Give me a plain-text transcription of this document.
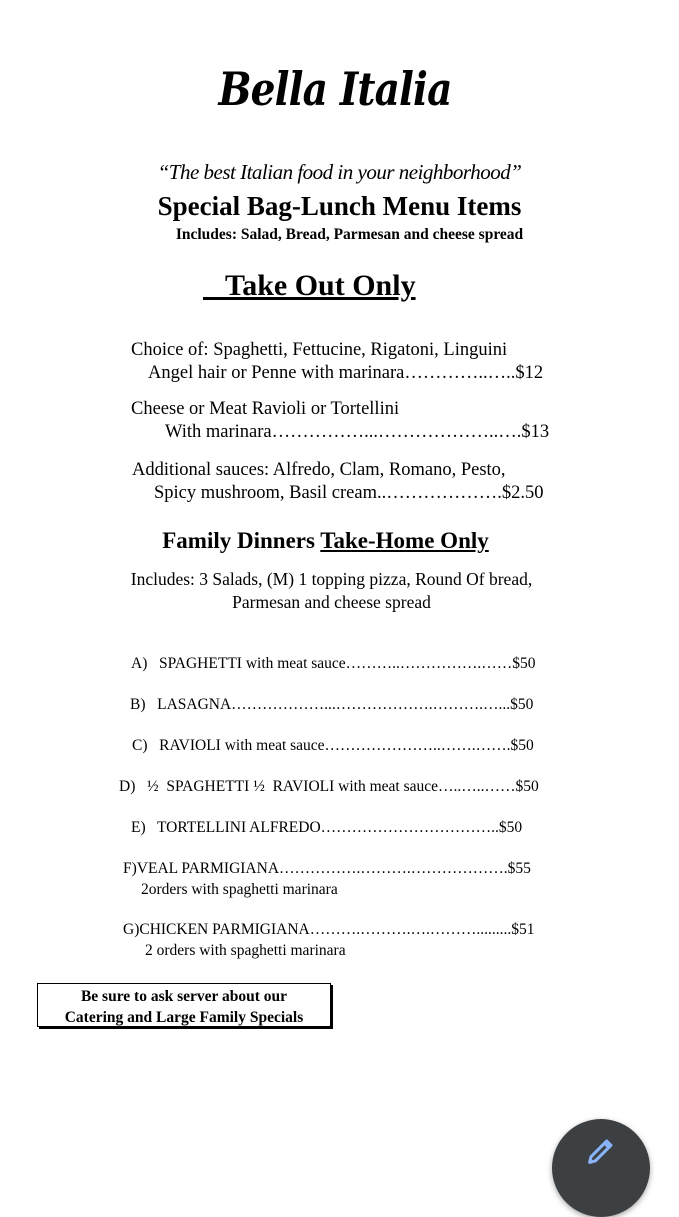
Bella Italia
“The best Italian food in your neighborhood”
Special Bag-Lunch Menu Items
Includes: Salad, Bread, Parmesan and cheese spread
Take Out Only
Choice of: Spaghetti, Fettucine, Rigatoni, Linguini
Angel hair or Penne with marinara…………..…..$12
Cheese or Meat Ravioli or Tortellini
With marinara……………...………………..….$13
Additional sauces: Alfredo, Clam, Romano, Pesto,
Spicy mushroom, Basil cream..……………….$2.50
Family Dinners Take-Home Only
Includes: 3 Salads, (M) 1 topping pizza, Round Of bread,
Parmesan and cheese spread
A)   SPAGHETTI with meat sauce………..…………….……$50
B)   LASAGNA………………...……………….……….…...$50
C)   RAVIOLI with meat sauce…………………..…….…….$50
D)   ½  SPAGHETTI ½  RAVIOLI with meat sauce…..…..……$50
E)   TORTELLINI ALFREDO……………………………..$50
F)VEAL PARMIGIANA…………….……….……………….$55
2orders with spaghetti marinara
G)CHICKEN PARMIGIANA……….……….….……….........$51
2 orders with spaghetti marinara
Be sure to ask server about our
Catering and Large Family Specials
